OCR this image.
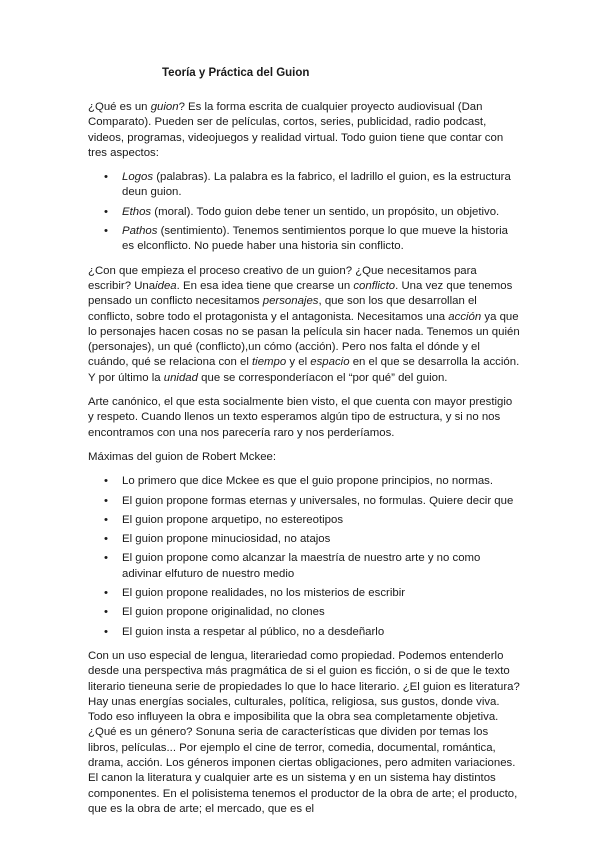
Teoría y Práctica del Guion

¿Qué es un guion? Es la forma escrita de cualquier proyecto audiovisual (Dan Comparato). Pueden ser de películas, cortos, series, publicidad, radio podcast, videos, programas, videojuegos y realidad virtual. Todo guion tiene que contar con tres aspectos:

• Logos (palabras). La palabra es la fabrico, el ladrillo el guion, es la estructura deun guion.
• Ethos (moral). Todo guion debe tener un sentido, un propósito, un objetivo.
• Pathos (sentimiento). Tenemos sentimientos porque lo que mueve la historia es elconflicto. No puede haber una historia sin conflicto.

¿Con que empieza el proceso creativo de un guion? ¿Que necesitamos para escribir? Unaidea. En esa idea tiene que crearse un conflicto. Una vez que tenemos pensado un conflicto necesitamos personajes, que son los que desarrollan el conflicto, sobre todo el protagonista y el antagonista. Necesitamos una acción ya que lo personajes hacen cosas no se pasan la película sin hacer nada. Tenemos un quién (personajes), un qué (conflicto),un cómo (acción). Pero nos falta el dónde y el cuándo, qué se relaciona con el tiempo y el espacio en el que se desarrolla la acción. Y por último la unidad que se corresponderíacon el “por qué” del guion.

Arte canónico, el que esta socialmente bien visto, el que cuenta con mayor prestigio y respeto. Cuando llenos un texto esperamos algún tipo de estructura, y si no nos encontramos con una nos parecería raro y nos perderíamos.

Máximas del guion de Robert Mckee:

• Lo primero que dice Mckee es que el guio propone principios, no normas.
• El guion propone formas eternas y universales, no formulas. Quiere decir que
• El guion propone arquetipo, no estereotipos
• El guion propone minuciosidad, no atajos
• El guion propone como alcanzar la maestría de nuestro arte y no como adivinar elfuturo de nuestro medio
• El guion propone realidades, no los misterios de escribir
• El guion propone originalidad, no clones
• El guion insta a respetar al público, no a desdeñarlo

Con un uso especial de lengua, literariedad como propiedad. Podemos entenderlo desde una perspectiva más pragmática de si el guion es ficción, o si de que le texto literario tieneuna serie de propiedades lo que lo hace literario. ¿El guion es literatura? Hay unas energías sociales, culturales, política, religiosa, sus gustos, donde viva. Todo eso influyeen la obra e imposibilita que la obra sea completamente objetiva. ¿Qué es un género? Sonuna seria de características que dividen por temas los libros, películas... Por ejemplo el cine de terror, comedia, documental, romántica, drama, acción. Los géneros imponen ciertas obligaciones, pero admiten variaciones. El canon la literatura y cualquier arte es un sistema y en un sistema hay distintos componentes. En el polisistema tenemos el productor de la obra de arte; el producto, que es la obra de arte; el mercado, que es el
